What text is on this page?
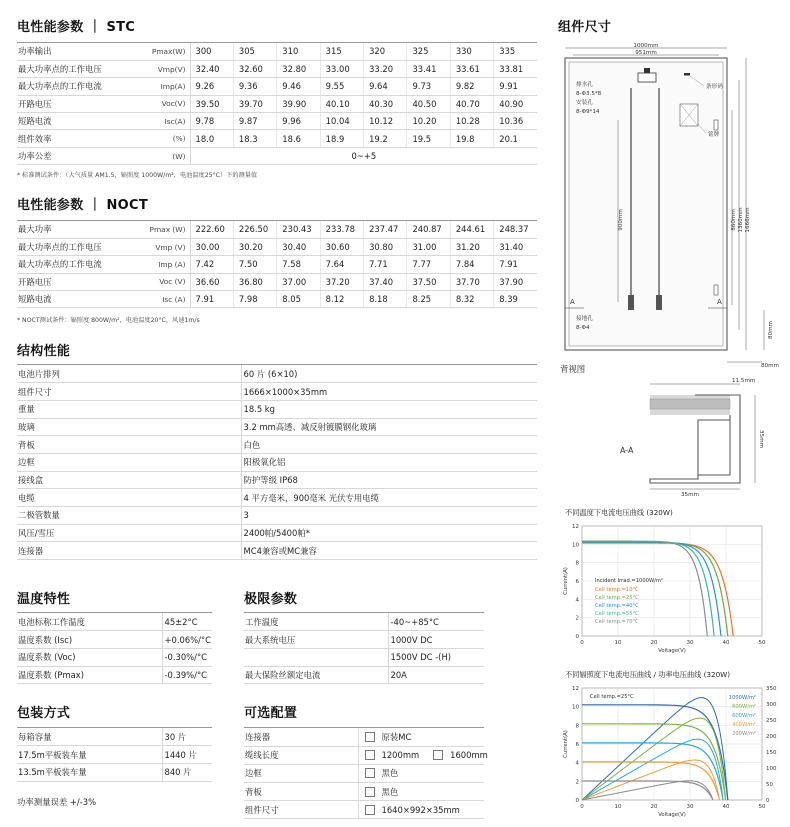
电性能参数 ｜ STC
功率输出	Pmax(W)	300	305	310	315	320	325	330	335
最大功率点的工作电压	Vmp(V)	32.40	32.60	32.80	33.00	33.20	33.41	33.61	33.81
最大功率点的工作电流	Imp(A)	9.26	9.36	9.46	9.55	9.64	9.73	9.82	9.91
开路电压	Voc(V)	39.50	39.70	39.90	40.10	40.30	40.50	40.70	40.90
短路电流	Isc(A)	9.78	9.87	9.96	10.04	10.12	10.20	10.28	10.36
组件效率	(%)	18.0	18.3	18.6	18.9	19.2	19.5	19.8	20.1
功率公差	(W)	0~+5							
* 标准测试条件：（大气质量 AM1.5，辐照度 1000W/m²，电池温度25°C）下的测量值
电性能参数 ｜ NOCT
最大功率	Pmax (W)	222.60	226.50	230.43	233.78	237.47	240.87	244.61	248.37
最大功率点的工作电压	Vmp (V)	30.00	30.20	30.40	30.60	30.80	31.00	31.20	31.40
最大功率点的工作电流	Imp (A)	7.42	7.50	7.58	7.64	7.71	7.77	7.84	7.91
开路电压	Voc (V)	36.60	36.80	37.00	37.20	37.40	37.50	37.70	37.90
短路电流	Isc (A)	7.91	7.98	8.05	8.12	8.18	8.25	8.32	8.39
* NOCT测试条件：辐照度 800W/m²，电池温度20°C，风速1m/s
结构性能
电池片排列	60 片 (6×10)
组件尺寸	1666×1000×35mm
重量	18.5 kg
玻璃	3.2 mm高透、减反射镀膜钢化玻璃
背板	白色
边框	阳极氧化铝
接线盒	防护等级 IP68
电缆	4 平方毫米，900毫米 光伏专用电缆
二极管数量	3
风压/雪压	2400帕/5400帕*
连接器	MC4兼容或MC兼容
温度特性
电池标称工作温度	45±2°C
温度系数 (Isc)	+0.06%/°C
温度系数 (Voc)	-0.30%/°C
温度系数 (Pmax)	-0.39%/°C
极限参数
工作温度	-40~+85°C
最大系统电压	1000V DC
	1500V DC -(H)
最大保险丝额定电流	20A
包装方式
每箱容量	30 片
17.5m平板装车量	1440 片
13.5m平板装车量	840 片
功率测量误差 +/-3%
可选配置
连接器	原装MC
缆线长度	1200mm 1600mm
边框	黑色
背板	黑色
组件尺寸	1640×992×35mm
组件尺寸
1000mm
951mm
条形码
铭牌
排水孔
8-Φ3.5*8
安装孔
8-Φ9*14
900mm	860mm 1360mm 1666mm
A
A
接地孔
8-Φ4	80mm
80mm
背视图
11.5mm
35mm
35mm
A-A
不同温度下电流电压曲线 (320W)
0
2
4
6
8
10
12
0	10	20	30	40	50
Voltage(V)
Current(A)	Incident Irrad.=1000W/m²
Cell temp.=10°C
Cell temp.=25°C
Cell temp.=40°C
Cell temp.=55°C
Cell temp.=70°C
不同辐照度下电流电压曲线 / 功率电压曲线 (320W)
0
2
4
6
8
10
12
0	10	20	30	40	50
0
50
100
150
200
250
300
350
Voltage(V)
Current(A)
Cell temp.=25°C	1000W/m²
800W/m²
600W/m²
400W/m²
200W/m²
